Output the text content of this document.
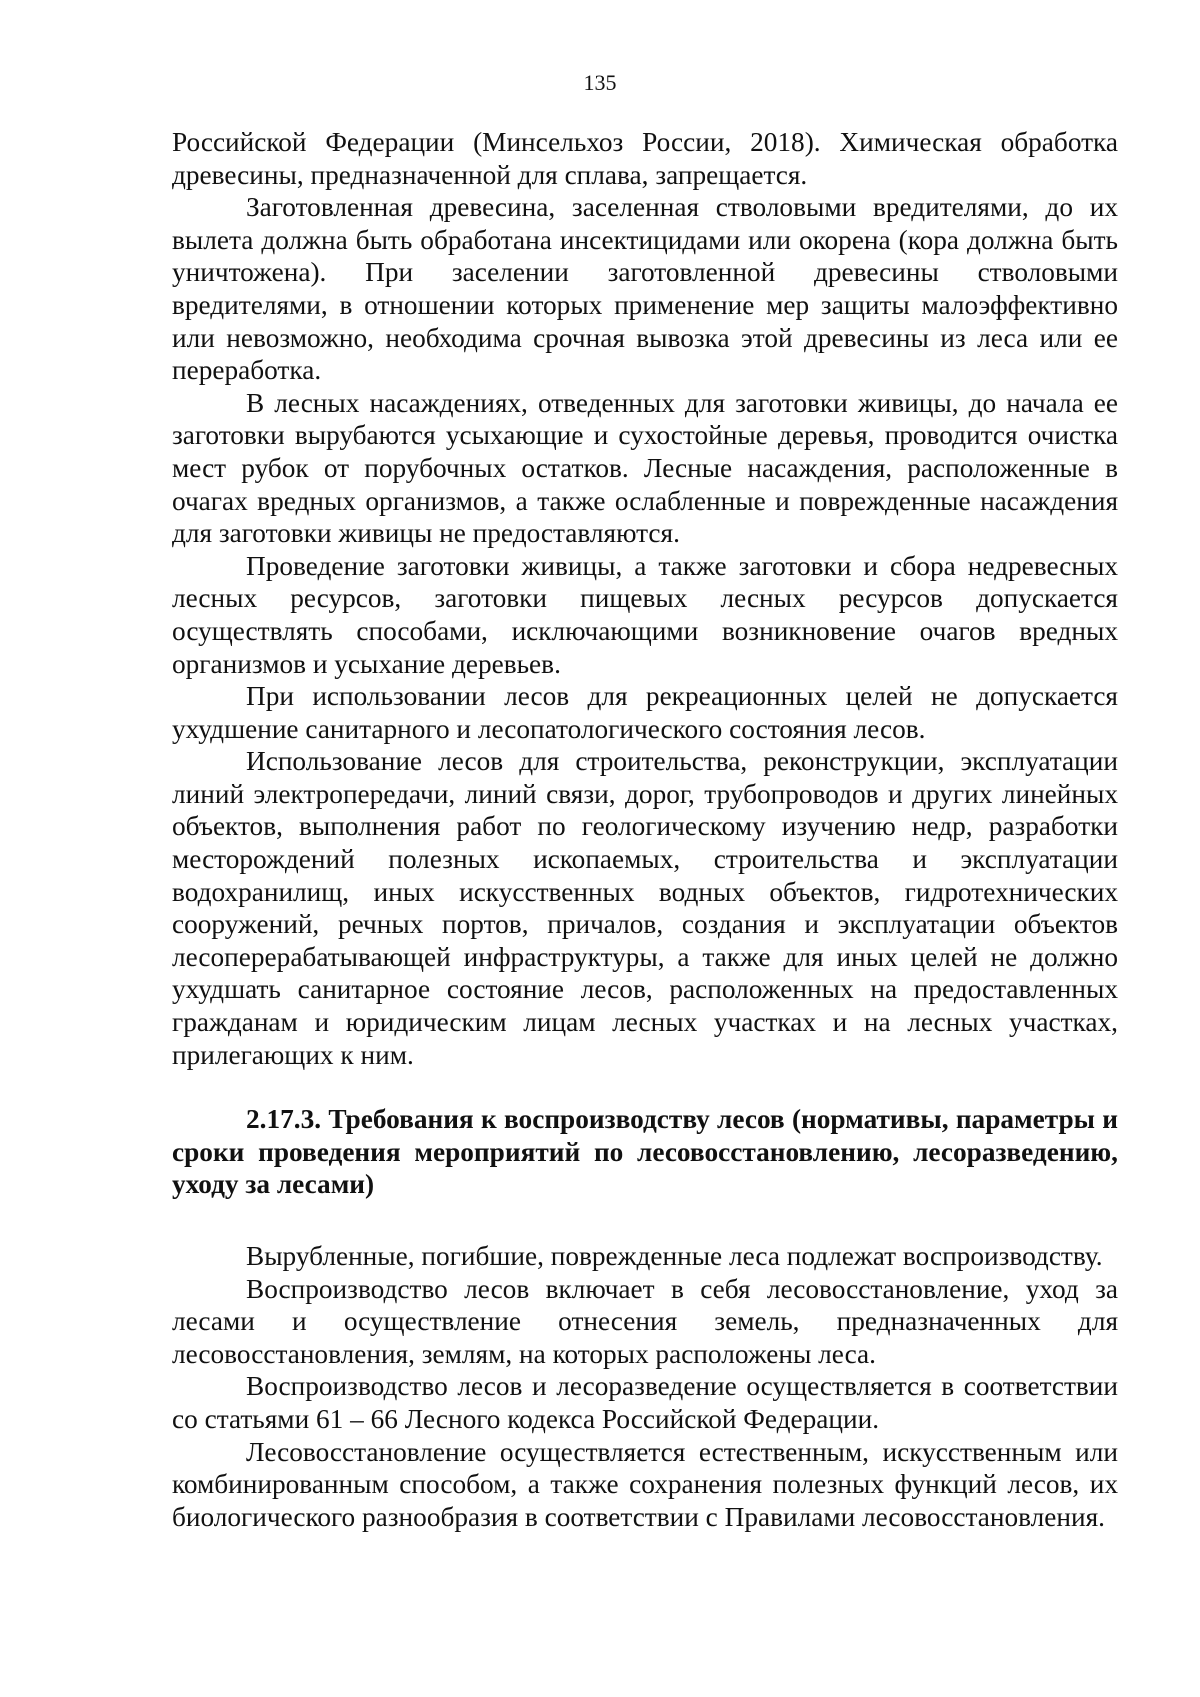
135

Российской Федерации (Минсельхоз России, 2018). Химическая обработка древесины, предназначенной для сплава, запрещается.

Заготовленная древесина, заселенная стволовыми вредителями, до их вылета должна быть обработана инсектицидами или окорена (кора должна быть уничтожена). При заселении заготовленной древесины стволовыми вредителями, в отношении которых применение мер защиты малоэффективно или невозможно, необходима срочная вывозка этой древесины из леса или ее переработка.

В лесных насаждениях, отведенных для заготовки живицы, до начала ее заготовки вырубаются усыхающие и сухостойные деревья, проводится очистка мест рубок от порубочных остатков. Лесные насаждения, расположенные в очагах вредных организмов, а также ослабленные и поврежденные насаждения для заготовки живицы не предоставляются.

Проведение заготовки живицы, а также заготовки и сбора недревесных лесных ресурсов, заготовки пищевых лесных ресурсов допускается осуществлять способами, исключающими возникновение очагов вредных организмов и усыхание деревьев.

При использовании лесов для рекреационных целей не допускается ухудшение санитарного и лесопатологического состояния лесов.

Использование лесов для строительства, реконструкции, эксплуатации линий электропередачи, линий связи, дорог, трубопроводов и других линейных объектов, выполнения работ по геологическому изучению недр, разработки месторождений полезных ископаемых, строительства и эксплуатации водохранилищ, иных искусственных водных объектов, гидротехнических сооружений, речных портов, причалов, создания и эксплуатации объектов лесоперерабатывающей инфраструктуры, а также для иных целей не должно ухудшать санитарное состояние лесов, расположенных на предоставленных гражданам и юридическим лицам лесных участках и на лесных участках, прилегающих к ним.

2.17.3. Требования к воспроизводству лесов (нормативы, параметры и сроки проведения мероприятий по лесовосстановлению, лесоразведению, уходу за лесами)

Вырубленные, погибшие, поврежденные леса подлежат воспроизводству.

Воспроизводство лесов включает в себя лесовосстановление, уход за лесами и осуществление отнесения земель, предназначенных для лесовосстановления, землям, на которых расположены леса.

Воспроизводство лесов и лесоразведение осуществляется в соответствии со статьями 61 – 66 Лесного кодекса Российской Федерации.

Лесовосстановление осуществляется естественным, искусственным или комбинированным способом, а также сохранения полезных функций лесов, их биологического разнообразия в соответствии с Правилами лесовосстановления.
